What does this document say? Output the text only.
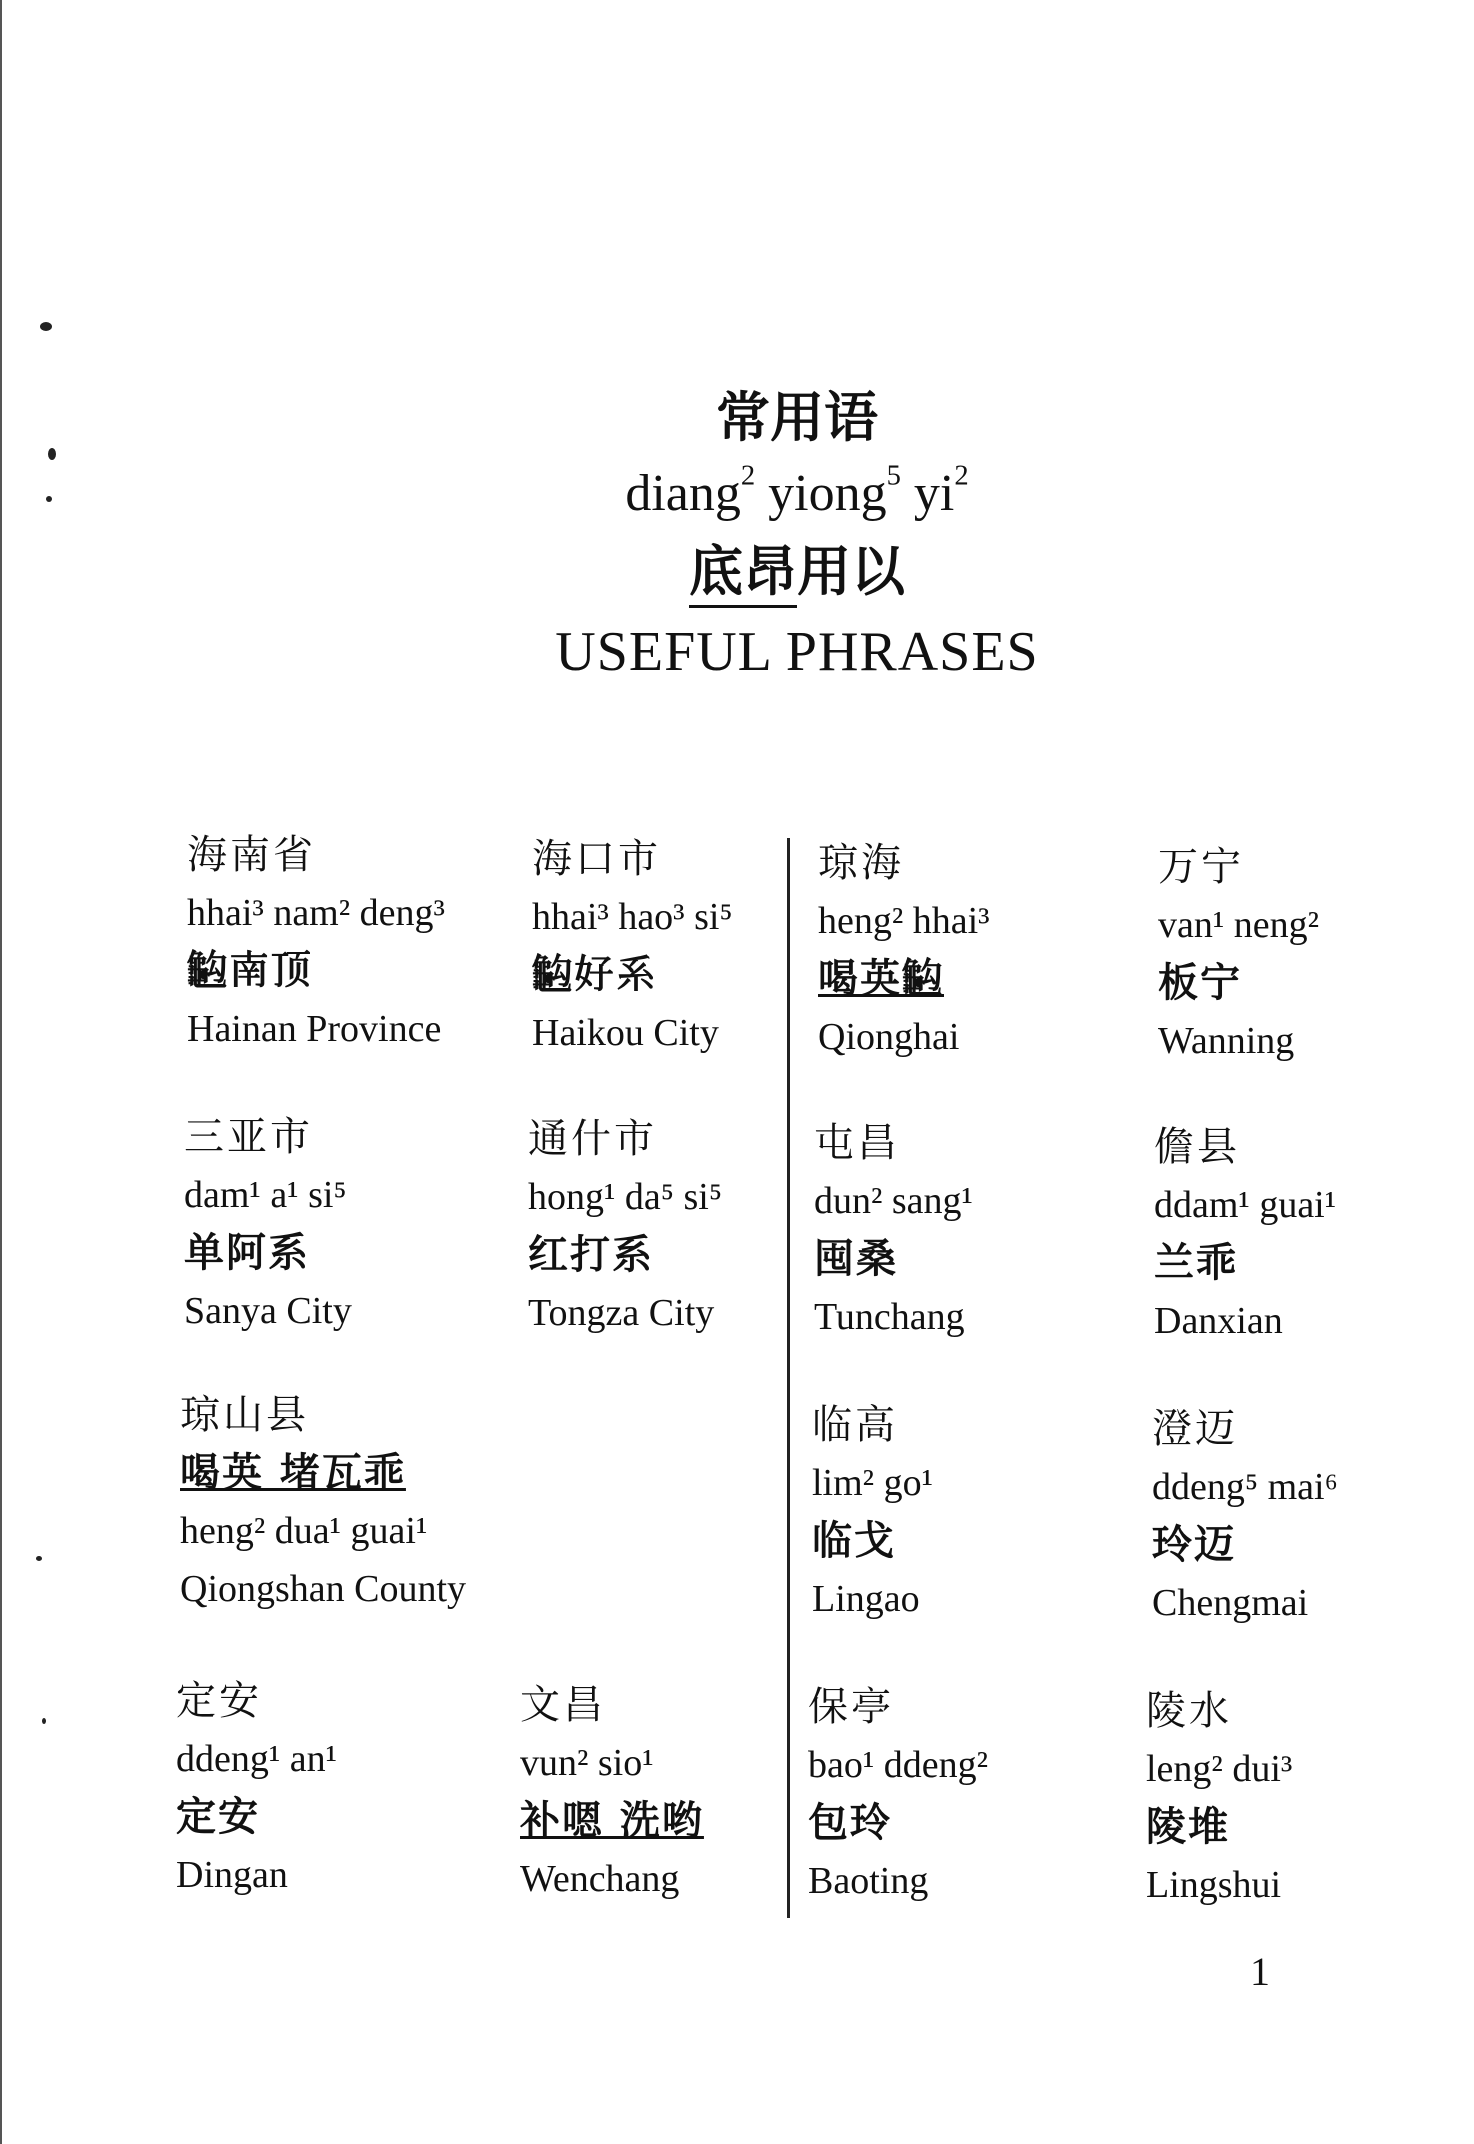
常用语
diang$^2$ yiong$^5$ $yi^2$
底昂用以
USEFUL PHRASES
海南省
hhai³ nam² deng³
𪚭南顶
Hainan Province
海口市
hhai³ hao³ si⁵
𪚭好系
Haikou City
琼海
heng² hhai³
喝英𪚭
Qionghai
万宁
van¹ neng²
板宁
Wanning
三亚市
dam¹ a¹ si⁵
单阿系
Sanya City
通什市
hong¹ da⁵ si⁵
红打系
Tongza City
屯昌
dun² sang¹
囤桑
Tunchang
儋县
ddam¹ guai¹
兰乖
Danxian
琼山县
喝英 堵瓦乖
heng² dua¹ guai¹
Qiongshan County
临高
lim² go¹
临戈
Lingao
澄迈
ddeng⁵ mai⁶
玲迈
Chengmai
定安
ddeng¹ an¹
定安
Dingan
文昌
vun² sio¹
补嗯 洗哟
Wenchang
保亭
bao¹ ddeng²
包玲
Baoting
陵水
leng² dui³
陵堆
Lingshui
1
